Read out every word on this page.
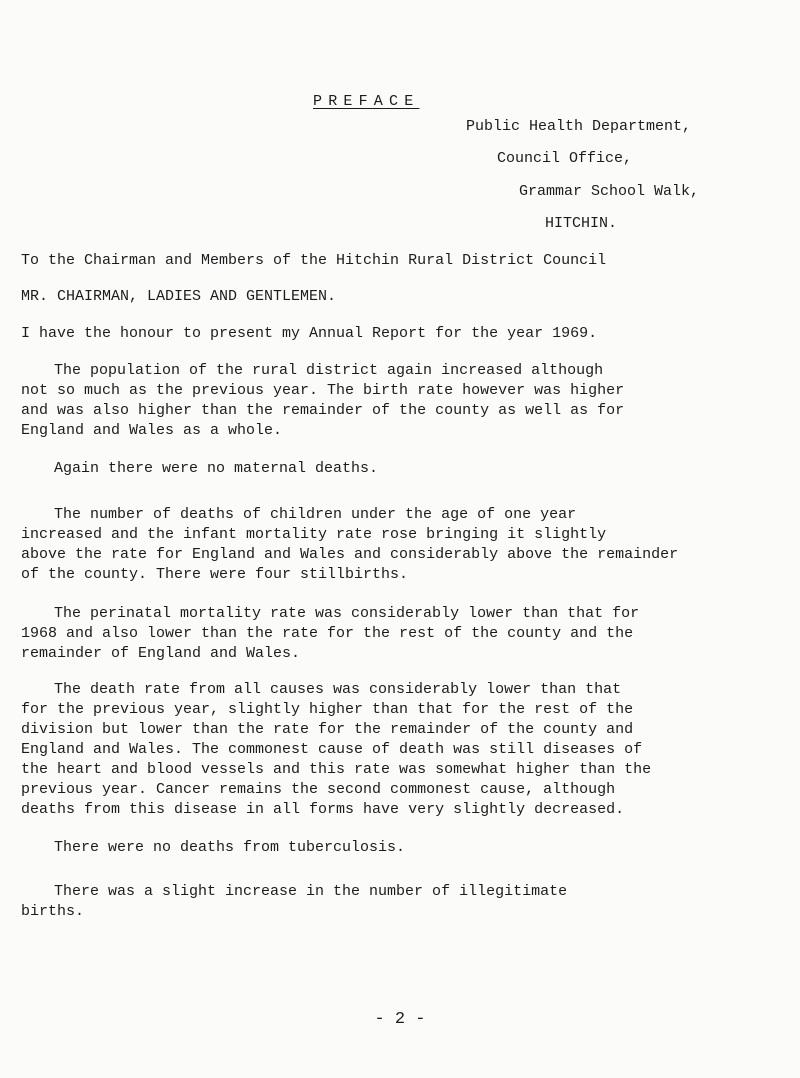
PREFACE
Public Health Department,
Council Office,
Grammar School Walk,
HITCHIN.
To the Chairman and Members of the Hitchin Rural District Council
MR. CHAIRMAN, LADIES AND GENTLEMEN.
I have the honour to present my Annual Report for the year 1969.
The population of the rural district again increased although
not so much as the previous year. The birth rate however was higher
and was also higher than the remainder of the county as well as for
England and Wales as a whole.
Again there were no maternal deaths.
The number of deaths of children under the age of one year
increased and the infant mortality rate rose bringing it slightly
above the rate for England and Wales and considerably above the remainder
of the county. There were four stillbirths.
The perinatal mortality rate was considerably lower than that for
1968 and also lower than the rate for the rest of the county and the
remainder of England and Wales.
The death rate from all causes was considerably lower than that
for the previous year, slightly higher than that for the rest of the
division but lower than the rate for the remainder of the county and
England and Wales. The commonest cause of death was still diseases of
the heart and blood vessels and this rate was somewhat higher than the
previous year. Cancer remains the second commonest cause, although
deaths from this disease in all forms have very slightly decreased.
There were no deaths from tuberculosis.
There was a slight increase in the number of illegitimate
births.
- 2 -
